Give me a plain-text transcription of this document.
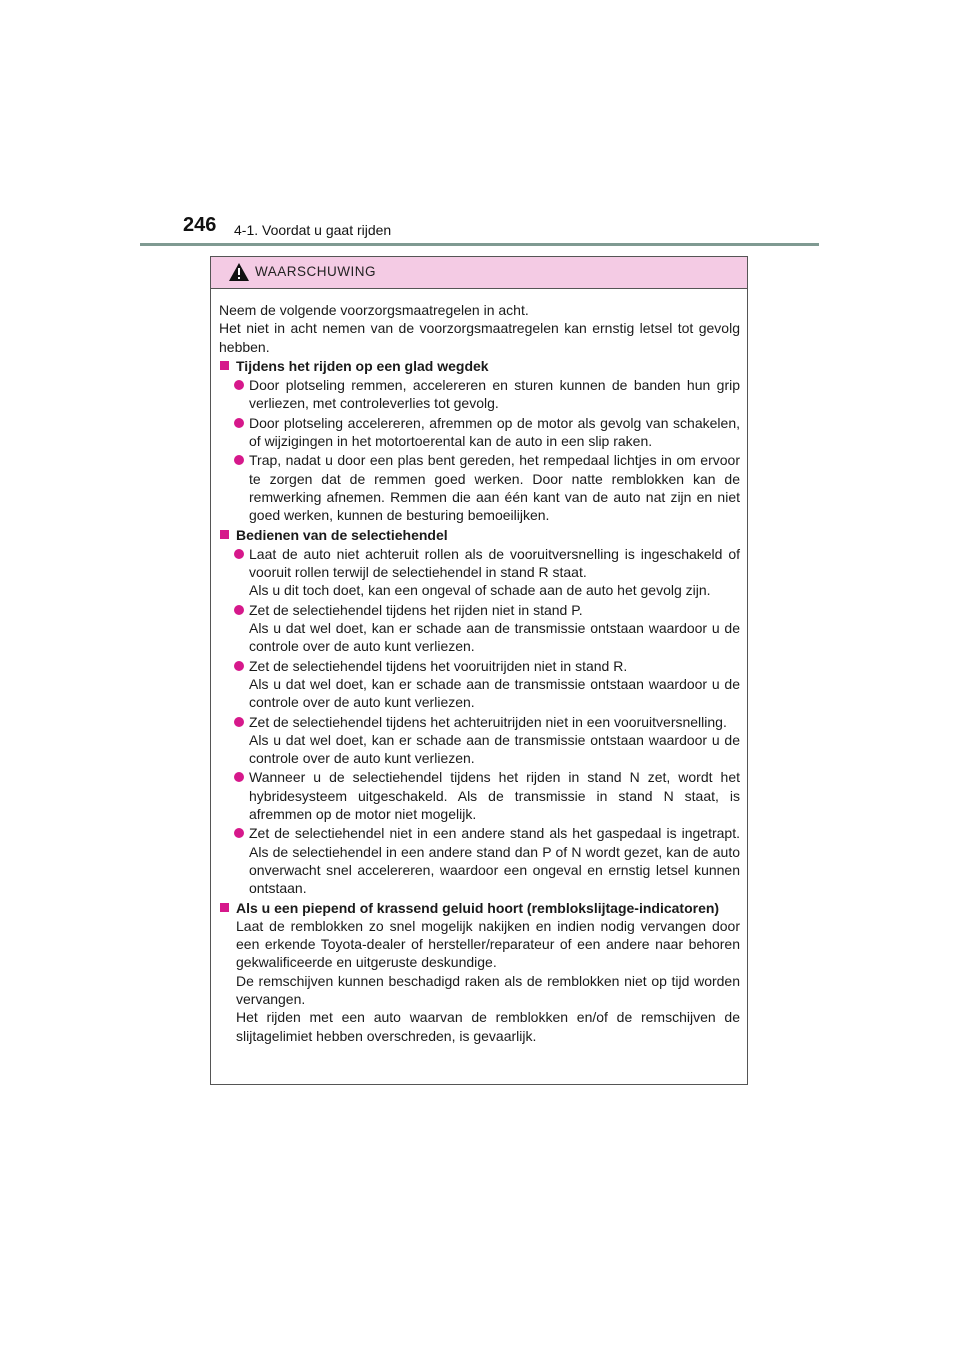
246 4-1. Voordat u gaat rijden
WAARSCHUWING

Neem de volgende voorzorgsmaatregelen in acht.

Het niet in acht nemen van de voorzorgsmaatregelen kan ernstig letsel tot gevolg hebben.

Tijdens het rijden op een glad wegdek

Door plotseling remmen, accelereren en sturen kunnen de banden hun grip verliezen, met controleverlies tot gevolg.

Door plotseling accelereren, afremmen op de motor als gevolg van schakelen, of wijzigingen in het motortoerental kan de auto in een slip raken.

Trap, nadat u door een plas bent gereden, het rempedaal lichtjes in om ervoor te zorgen dat de remmen goed werken. Door natte remblokken kan de remwerking afnemen. Remmen die aan één kant van de auto nat zijn en niet goed werken, kunnen de besturing bemoeilijken.

Bedienen van de selectiehendel

Laat de auto niet achteruit rollen als de vooruitversnelling is ingeschakeld of vooruit rollen terwijl de selectiehendel in stand R staat.

Als u dit toch doet, kan een ongeval of schade aan de auto het gevolg zijn.

Zet de selectiehendel tijdens het rijden niet in stand P.

Als u dat wel doet, kan er schade aan de transmissie ontstaan waardoor u de controle over de auto kunt verliezen.

Zet de selectiehendel tijdens het vooruitrijden niet in stand R.

Als u dat wel doet, kan er schade aan de transmissie ontstaan waardoor u de controle over de auto kunt verliezen.

Zet de selectiehendel tijdens het achteruitrijden niet in een vooruitversnelling.

Als u dat wel doet, kan er schade aan de transmissie ontstaan waardoor u de controle over de auto kunt verliezen.

Wanneer u de selectiehendel tijdens het rijden in stand N zet, wordt het hybridesysteem uitgeschakeld. Als de transmissie in stand N staat, is afremmen op de motor niet mogelijk.

Zet de selectiehendel niet in een andere stand als het gaspedaal is ingetrapt. Als de selectiehendel in een andere stand dan P of N wordt gezet, kan de auto onverwacht snel accelereren, waardoor een ongeval en ernstig letsel kunnen ontstaan.

Als u een piepend of krassend geluid hoort (remblokslijtage-indicatoren)

Laat de remblokken zo snel mogelijk nakijken en indien nodig vervangen door een erkende Toyota-dealer of hersteller/reparateur of een andere naar behoren gekwalificeerde en uitgeruste deskundige.

De remschijven kunnen beschadigd raken als de remblokken niet op tijd worden vervangen.

Het rijden met een auto waarvan de remblokken en/of de remschijven de slijtagelimiet hebben overschreden, is gevaarlijk.
